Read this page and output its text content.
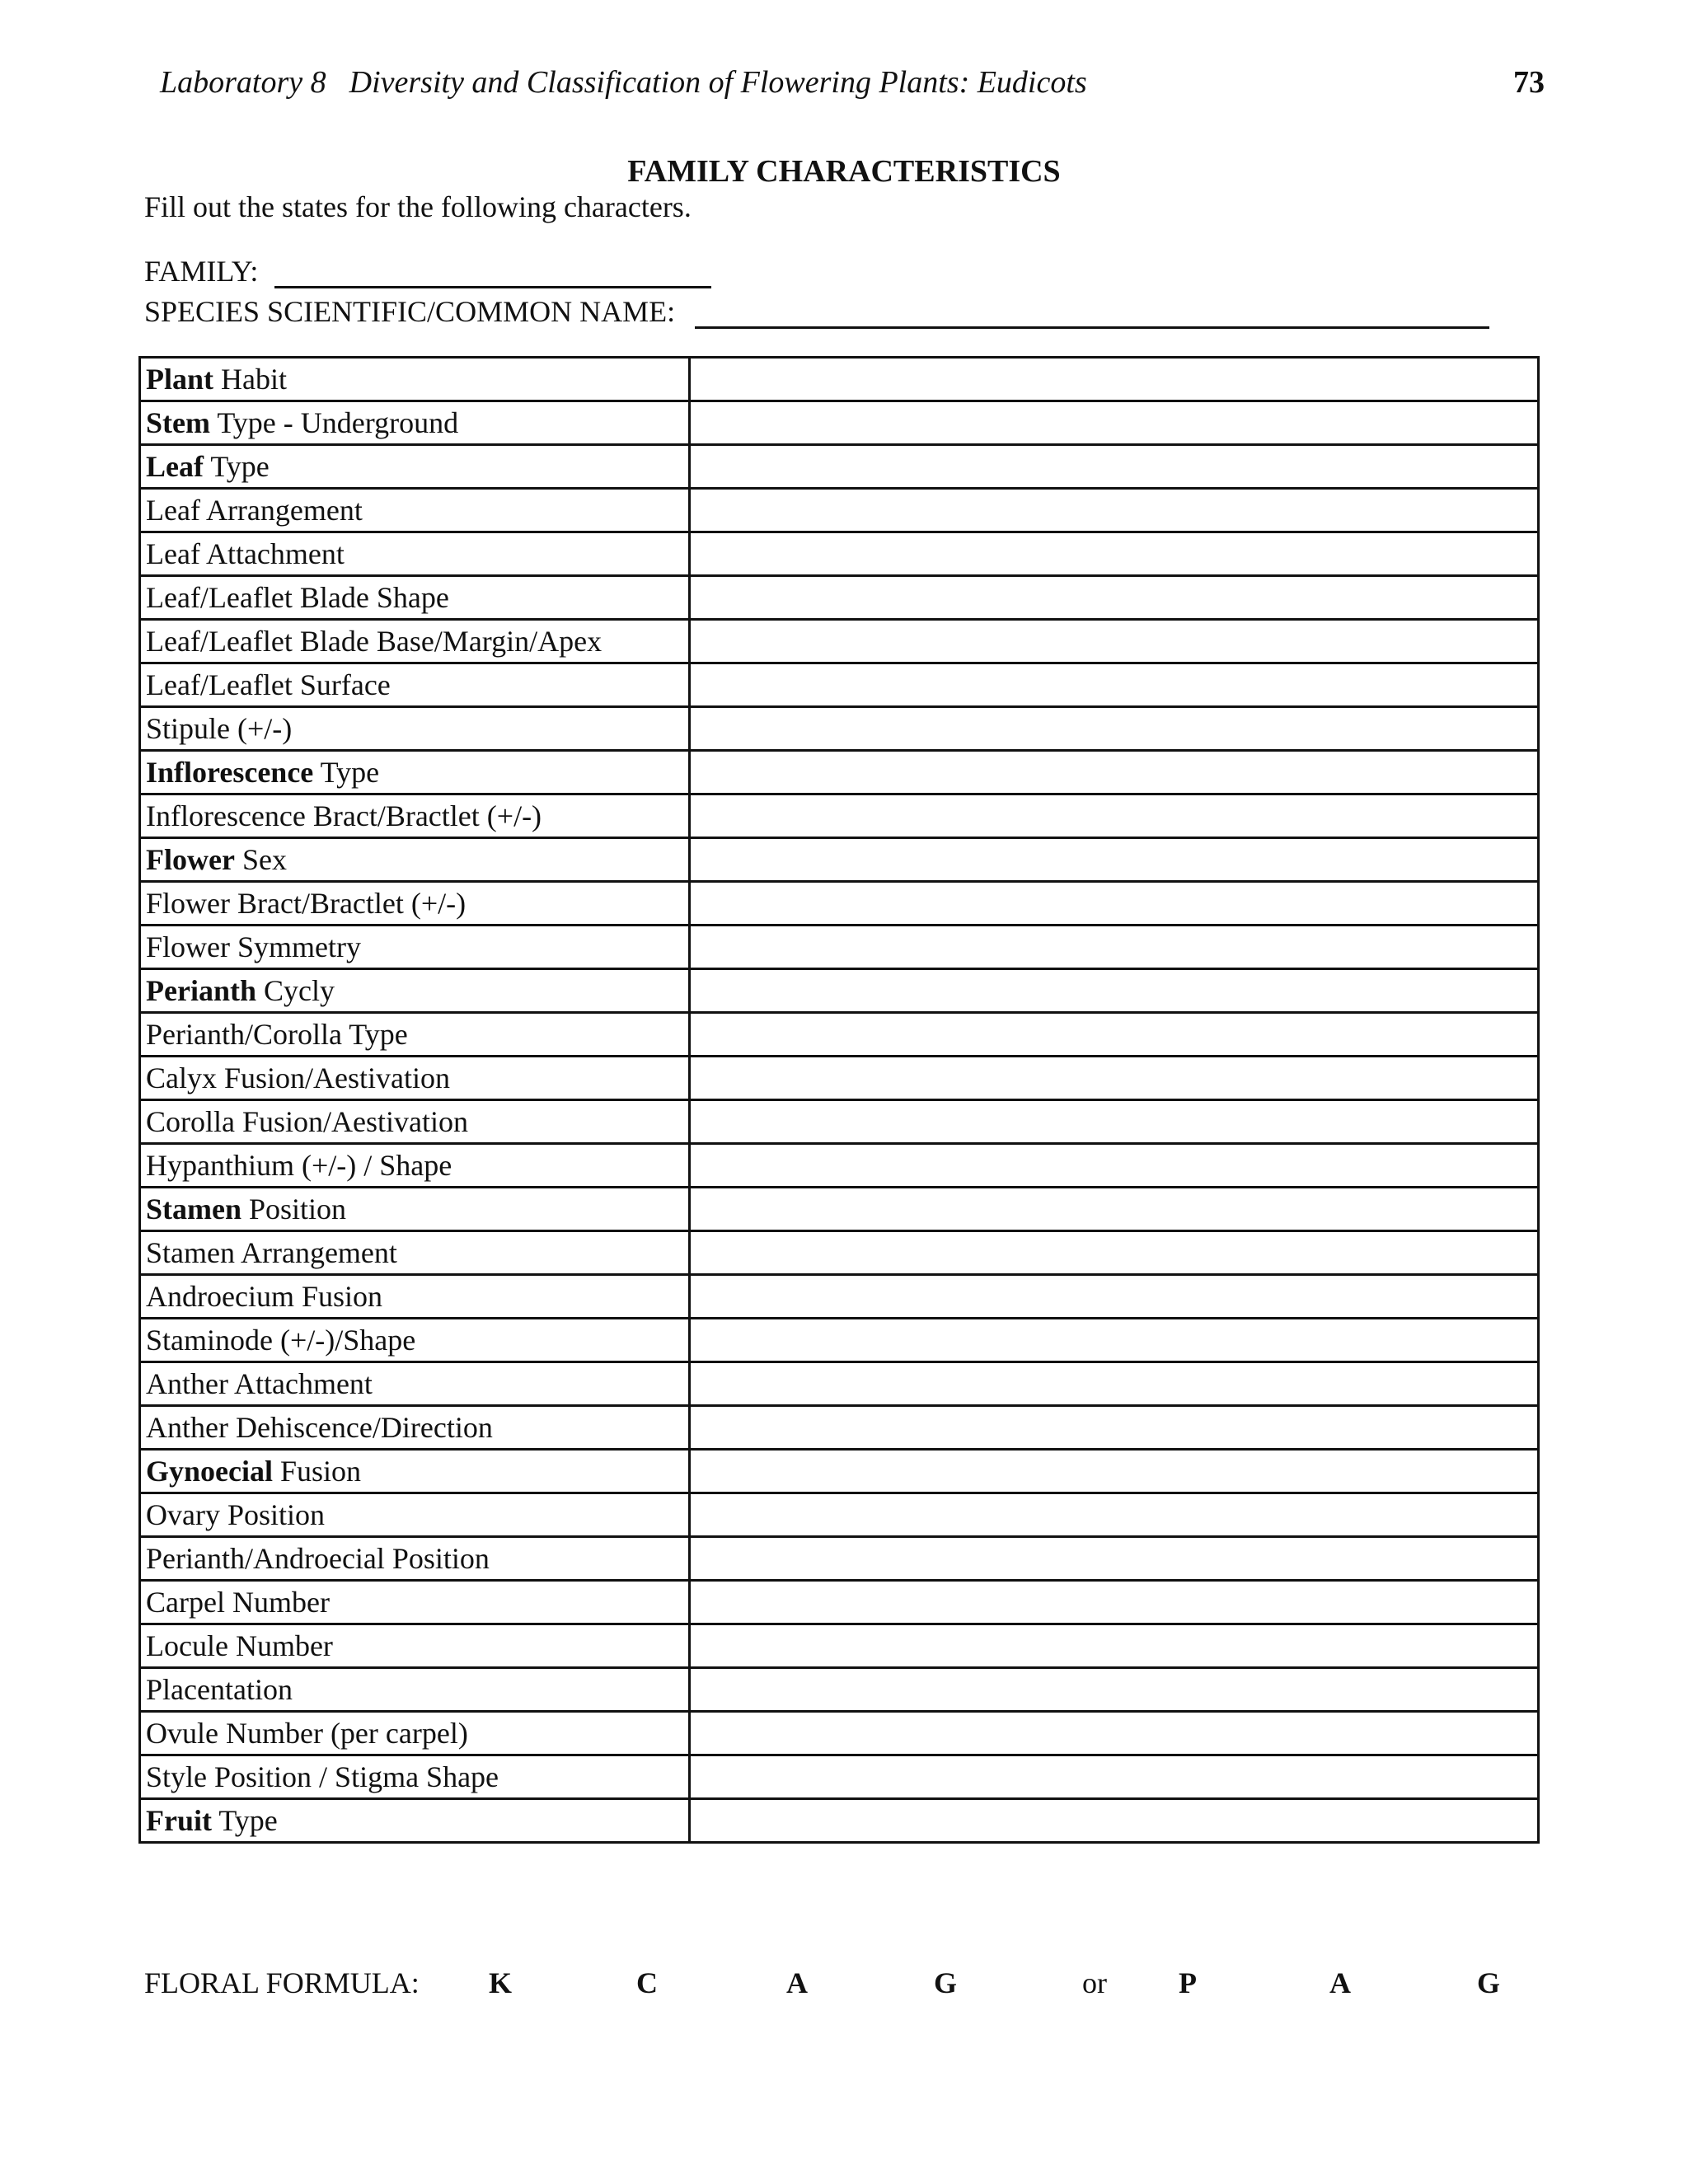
Laboratory 8 Diversity and Classification of Flowering Plants: Eudicots	73
FAMILY CHARACTERISTICS
Fill out the states for the following characters.
FAMILY:
SPECIES SCIENTIFIC/COMMON NAME:
Plant Habit	
Stem Type - Underground	
Leaf Type	
Leaf Arrangement	
Leaf Attachment	
Leaf/Leaflet Blade Shape	
Leaf/Leaflet Blade Base/Margin/Apex	
Leaf/Leaflet Surface	
Stipule (+/-)	
Inflorescence Type	
Inflorescence Bract/Bractlet (+/-)	
Flower Sex	
Flower Bract/Bractlet (+/-)	
Flower Symmetry	
Perianth Cycly	
Perianth/Corolla Type	
Calyx Fusion/Aestivation	
Corolla Fusion/Aestivation	
Hypanthium (+/-) / Shape	
Stamen Position	
Stamen Arrangement	
Androecium Fusion	
Staminode (+/-)/Shape	
Anther Attachment	
Anther Dehiscence/Direction	
Gynoecial Fusion	
Ovary Position	
Perianth/Androecial Position	
Carpel Number	
Locule Number	
Placentation	
Ovule Number (per carpel)	
Style Position / Stigma Shape	
Fruit Type	
FLORAL FORMULA: K	C	A	G	or P	A	G
